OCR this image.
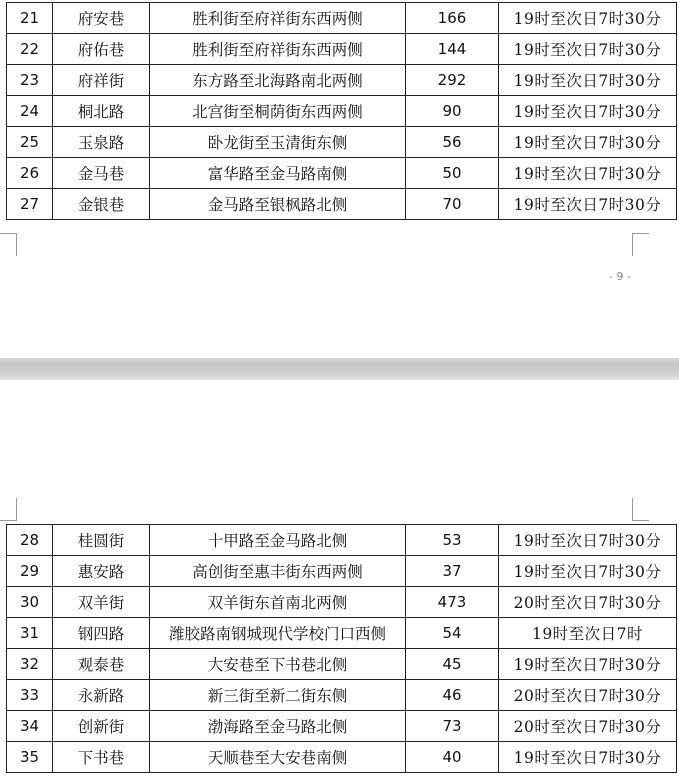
21	府安巷	胜利街至府祥街东西两侧	166	19时至次日7时30分
22	府佑巷	胜利街至府祥街东西两侧	144	19时至次日7时30分
23	府祥街	东方路至北海路南北两侧	292	19时至次日7时30分
24	桐北路	北宫街至桐荫街东西两侧	90	19时至次日7时30分
25	玉泉路	卧龙街至玉清街东侧	56	19时至次日7时30分
26	金马巷	富华路至金马路南侧	50	19时至次日7时30分
27	金银巷	金马路至银枫路北侧	70	19时至次日7时30分
- 9 -
28	桂圆街	十甲路至金马路北侧	53	19时至次日7时30分
29	惠安路	高创街至惠丰街东西两侧	37	19时至次日7时30分
30	双羊街	双羊街东首南北两侧	473	20时至次日7时30分
31	钢四路	潍胶路南钢城现代学校门口西侧	54	19时至次日7时
32	观泰巷	大安巷至下书巷北侧	45	19时至次日7时30分
33	永新路	新三街至新二街东侧	46	20时至次日7时30分
34	创新街	渤海路至金马路北侧	73	20时至次日7时30分
35	下书巷	天顺巷至大安巷南侧	40	19时至次日7时30分
